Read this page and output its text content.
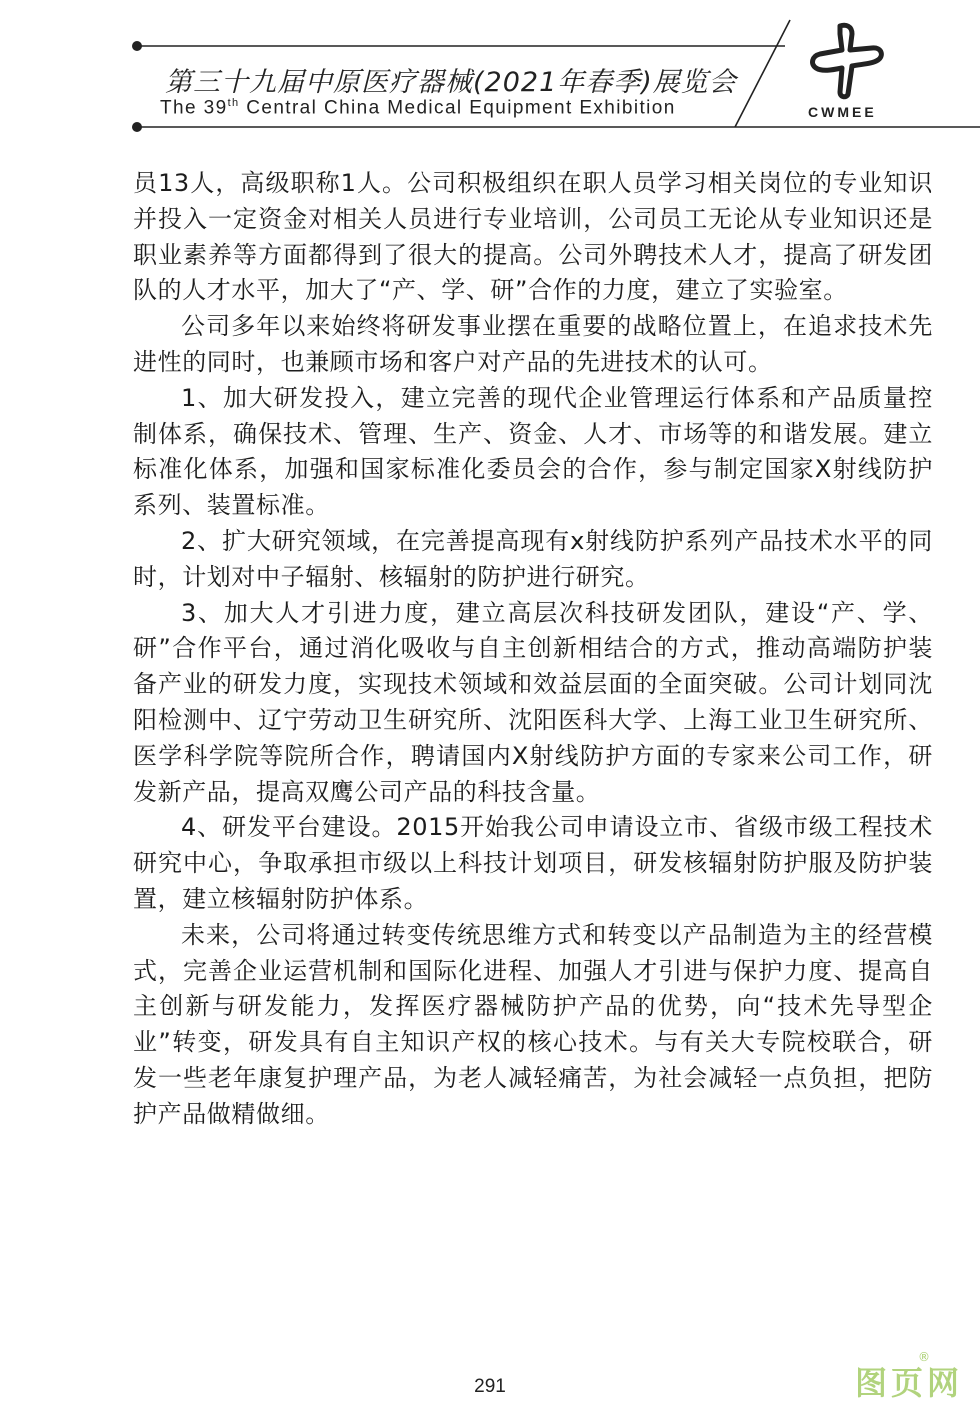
第三十九届中原医疗器械(2021年春季)展览会
The 39th Central China Medical Equipment Exhibition	CWMEE

员13人，高级职称1人。公司积极组织在职人员学习相关岗位的专业知识并投入一定资金对相关人员进行专业培训，公司员工无论从专业知识还是职业素养等方面都得到了很大的提高。公司外聘技术人才，提高了研发团队的人才水平，加大了“产、学、研”合作的力度，建立了实验室。

公司多年以来始终将研发事业摆在重要的战略位置上，在追求技术先进性的同时，也兼顾市场和客户对产品的先进技术的认可。

1、加大研发投入，建立完善的现代企业管理运行体系和产品质量控制体系，确保技术、管理、生产、资金、人才、市场等的和谐发展。建立标准化体系，加强和国家标准化委员会的合作，参与制定国家X射线防护系列、装置标准。

2、扩大研究领域，在完善提高现有x射线防护系列产品技术水平的同时，计划对中子辐射、核辐射的防护进行研究。

3、加大人才引进力度，建立高层次科技研发团队，建设“产、学、研”合作平台，通过消化吸收与自主创新相结合的方式，推动高端防护装备产业的研发力度，实现技术领域和效益层面的全面突破。公司计划同沈阳检测中、辽宁劳动卫生研究所、沈阳医科大学、上海工业卫生研究所、医学科学院等院所合作，聘请国内X射线防护方面的专家来公司工作，研发新产品，提高双鹰公司产品的科技含量。

4、研发平台建设。2015开始我公司申请设立市、省级市级工程技术研究中心，争取承担市级以上科技计划项目，研发核辐射防护服及防护装置，建立核辐射防护体系。

未来，公司将通过转变传统思维方式和转变以产品制造为主的经营模式，完善企业运营机制和国际化进程、加强人才引进与保护力度、提高自主创新与研发能力，发挥医疗器械防护产品的优势，向“技术先导型企业”转变，研发具有自主知识产权的核心技术。与有关大专院校联合，研发一些老年康复护理产品，为老人减轻痛苦，为社会减轻一点负担，把防护产品做精做细。

291	图页网
®
